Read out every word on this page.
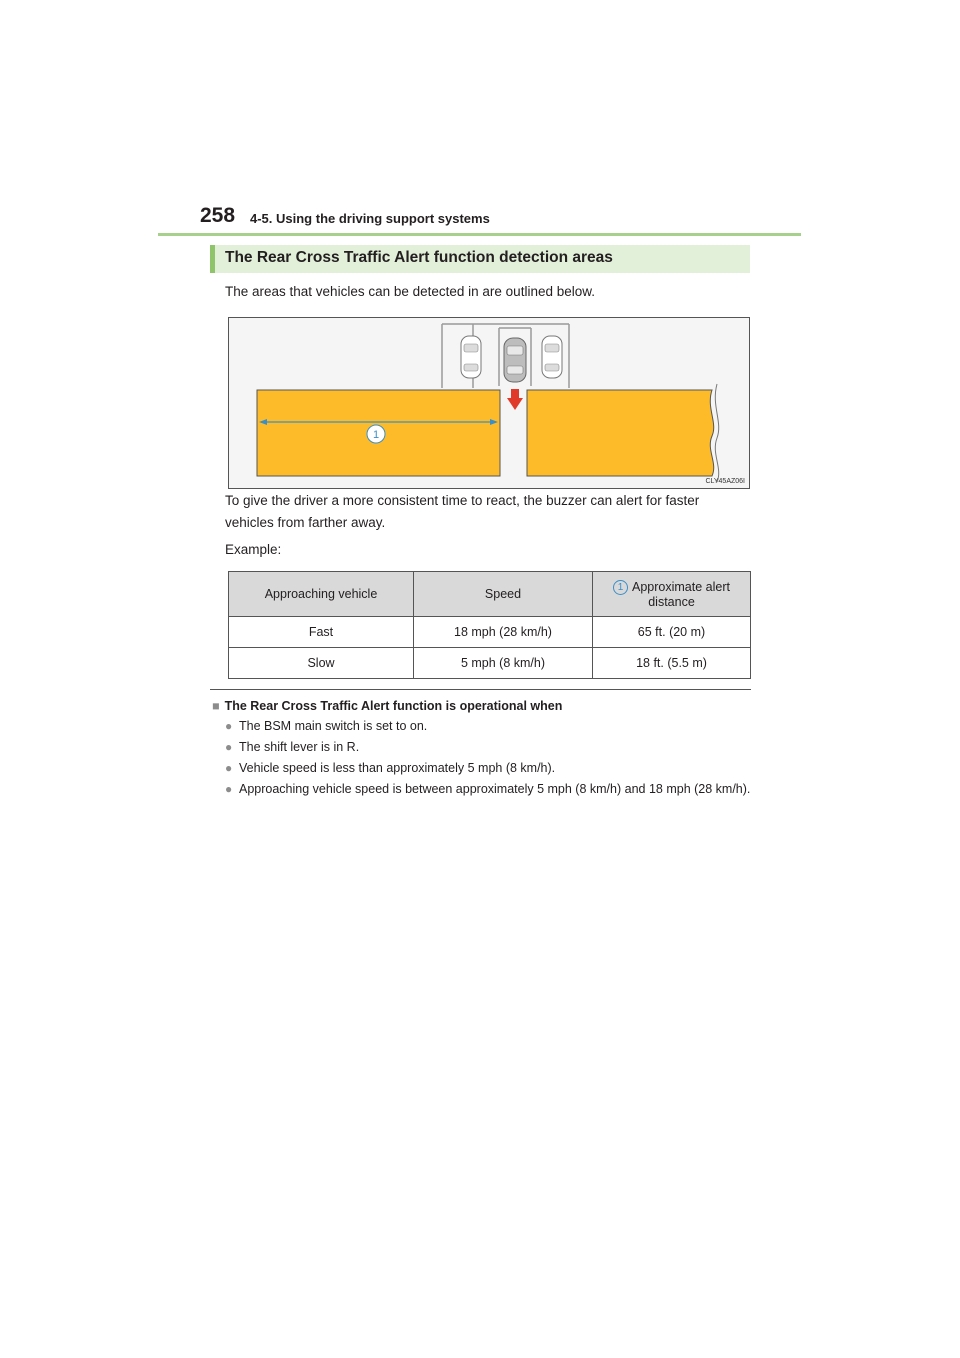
258 4-5. Using the driving support systems
The Rear Cross Traffic Alert function detection areas
The areas that vehicles can be detected in are outlined below.
1
CLY45AZ06I
To give the driver a more consistent time to react, the buzzer can alert for faster vehicles from farther away.
Example:
Approaching vehicle	Speed	1 Approximate alert distance
Fast	18 mph (28 km/h)	65 ft. (20 m)
Slow	5 mph (8 km/h)	18 ft. (5.5 m)
■ The Rear Cross Traffic Alert function is operational when
● The BSM main switch is set to on.
● The shift lever is in R.
● Vehicle speed is less than approximately 5 mph (8 km/h).
● Approaching vehicle speed is between approximately 5 mph (8 km/h) and 18 mph (28 km/h).
